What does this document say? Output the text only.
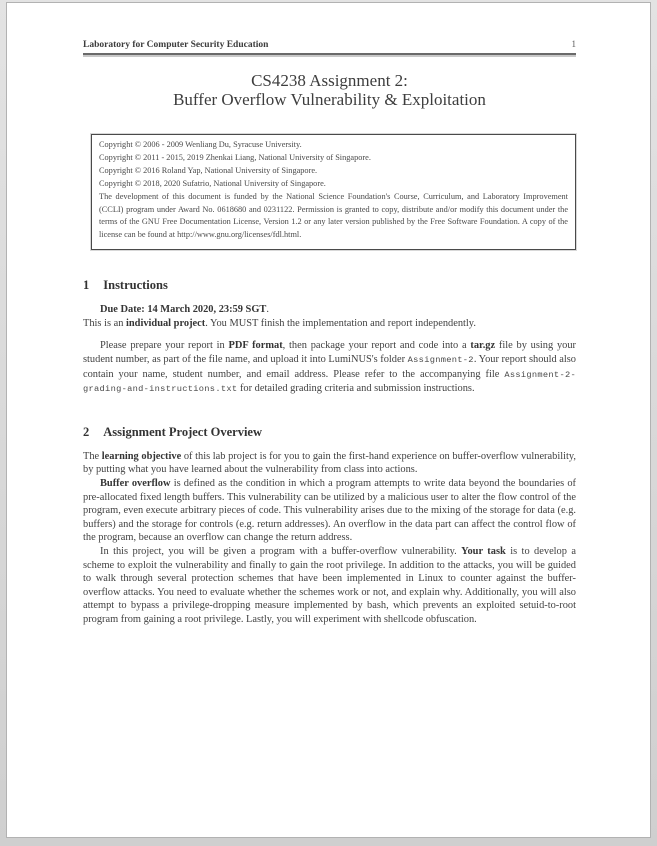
Laboratory for Computer Security Education	1
CS4238 Assignment 2:
Buffer Overflow Vulnerability & Exploitation
Copyright © 2006 - 2009 Wenliang Du, Syracuse University.
Copyright © 2011 - 2015, 2019 Zhenkai Liang, National University of Singapore.
Copyright © 2016 Roland Yap, National University of Singapore.
Copyright © 2018, 2020 Sufatrio, National University of Singapore.
The development of this document is funded by the National Science Foundation's Course, Curriculum, and Laboratory Improvement (CCLI) program under Award No. 0618680 and 0231122. Permission is granted to copy, distribute and/or modify this document under the terms of the GNU Free Documentation License, Version 1.2 or any later version published by the Free Software Foundation. A copy of the license can be found at http://www.gnu.org/licenses/fdl.html.
1 Instructions

Due Date: 14 March 2020, 23:59 SGT.
This is an individual project. You MUST finish the implementation and report independently.

Please prepare your report in PDF format, then package your report and code into a tar.gz file by using your student number, as part of the file name, and upload it into LumiNUS's folder Assignment-2. Your report should also contain your name, student number, and email address. Please refer to the accompanying file Assignment-2-grading-and-instructions.txt for detailed grading criteria and submission instructions.

2 Assignment Project Overview

The learning objective of this lab project is for you to gain the first-hand experience on buffer-overflow vulnerability, by putting what you have learned about the vulnerability from class into actions.

Buffer overflow is defined as the condition in which a program attempts to write data beyond the boundaries of pre-allocated fixed length buffers. This vulnerability can be utilized by a malicious user to alter the flow control of the program, even execute arbitrary pieces of code. This vulnerability arises due to the mixing of the storage for data (e.g. buffers) and the storage for controls (e.g. return addresses). An overflow in the data part can affect the control flow of the program, because an overflow can change the return address.

In this project, you will be given a program with a buffer-overflow vulnerability. Your task is to develop a scheme to exploit the vulnerability and finally to gain the root privilege. In addition to the attacks, you will be guided to walk through several protection schemes that have been implemented in Linux to counter against the buffer-overflow attacks. You need to evaluate whether the schemes work or not, and explain why. Additionally, you will also attempt to bypass a privilege-dropping measure implemented by bash, which prevents an exploited setuid-to-root program from gaining a root privilege. Lastly, you will experiment with shellcode obfuscation.
